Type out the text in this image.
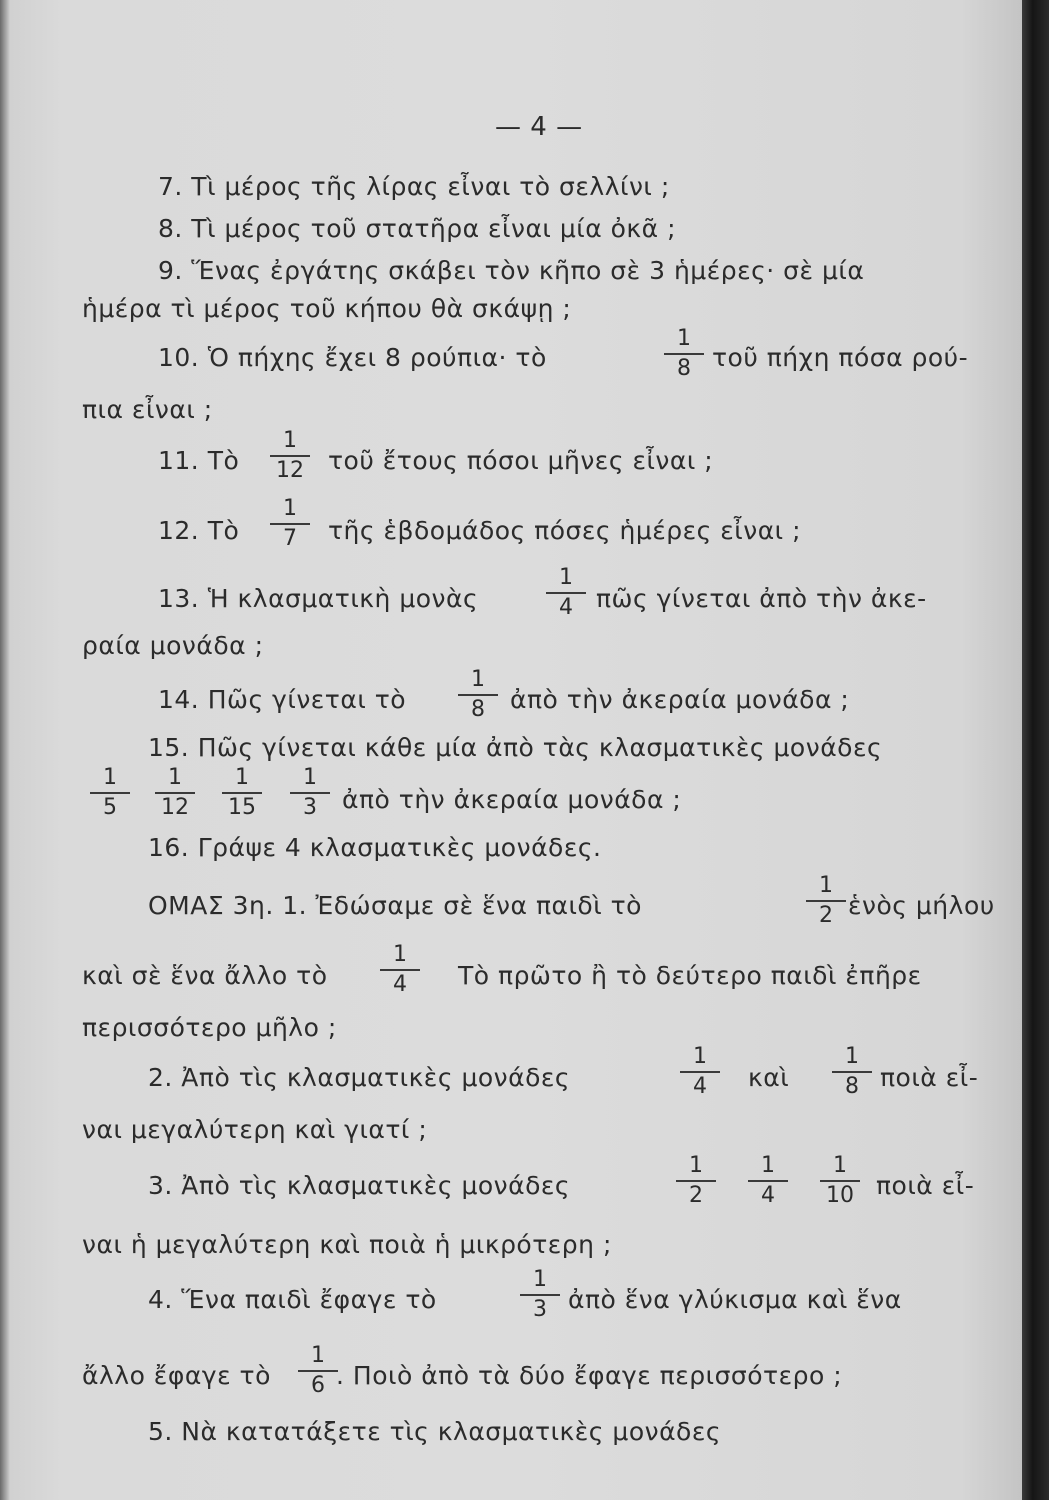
— 4 —
7. Τὶ μέρος τῆς λίρας εἶναι τὸ σελλίνι ;
8. Τὶ μέρος τοῦ στατῆρα εἶναι μία ὀκᾶ ;
9. Ἕνας ἐργάτης σκάβει τὸν κῆπο σὲ 3 ἡμέρες· σὲ μία
ἡμέρα τὶ μέρος τοῦ κήπου θὰ σκάψῃ ;
10. Ὁ πήχης ἔχει 8 ρούπια· τὸ
1
8 τοῦ πήχη πόσα ρού-
πια εἶναι ;
11. Τὸ
1
12 τοῦ ἔτους πόσοι μῆνες εἶναι ;
12. Τὸ
1
7 τῆς ἑβδομάδος πόσες ἡμέρες εἶναι ;
13. Ἡ κλασματικὴ μονὰς
1
4 πῶς γίνεται ἀπὸ τὴν ἀκε-
ραία μονάδα ;
14. Πῶς γίνεται τὸ
1
8 ἀπὸ τὴν ἀκεραία μονάδα ;
15. Πῶς γίνεται κάθε μία ἀπὸ τὰς κλασματικὲς μονάδες
1
5
1
12
1
15
1
3 ἀπὸ τὴν ἀκεραία μονάδα ;
16. Γράψε 4 κλασματικὲς μονάδες.
ΟΜΑΣ 3η. 1. Ἐδώσαμε σὲ ἕνα παιδὶ τὸ
1
2 ἑνὸς μήλου
καὶ σὲ ἕνα ἄλλο τὸ
1
4 Τὸ πρῶτο ἢ τὸ δεύτερο παιδὶ ἐπῆρε
περισσότερο μῆλο ;
2. Ἀπὸ τὶς κλασματικὲς μονάδες
1
4 καὶ
1
8 ποιὰ εἶ-
ναι μεγαλύτερη καὶ γιατί ;
3. Ἀπὸ τὶς κλασματικὲς μονάδες
1
2
1
4
1
10 ποιὰ εἶ-
ναι ἡ μεγαλύτερη καὶ ποιὰ ἡ μικρότερη ;
4. Ἕνα παιδὶ ἔφαγε τὸ
1
3 ἀπὸ ἕνα γλύκισμα καὶ ἕνα
ἄλλο ἔφαγε τὸ
1
6 . Ποιὸ ἀπὸ τὰ δύο ἔφαγε περισσότερο ;
5. Νὰ κατατάξετε τὶς κλασματικὲς μονάδες
